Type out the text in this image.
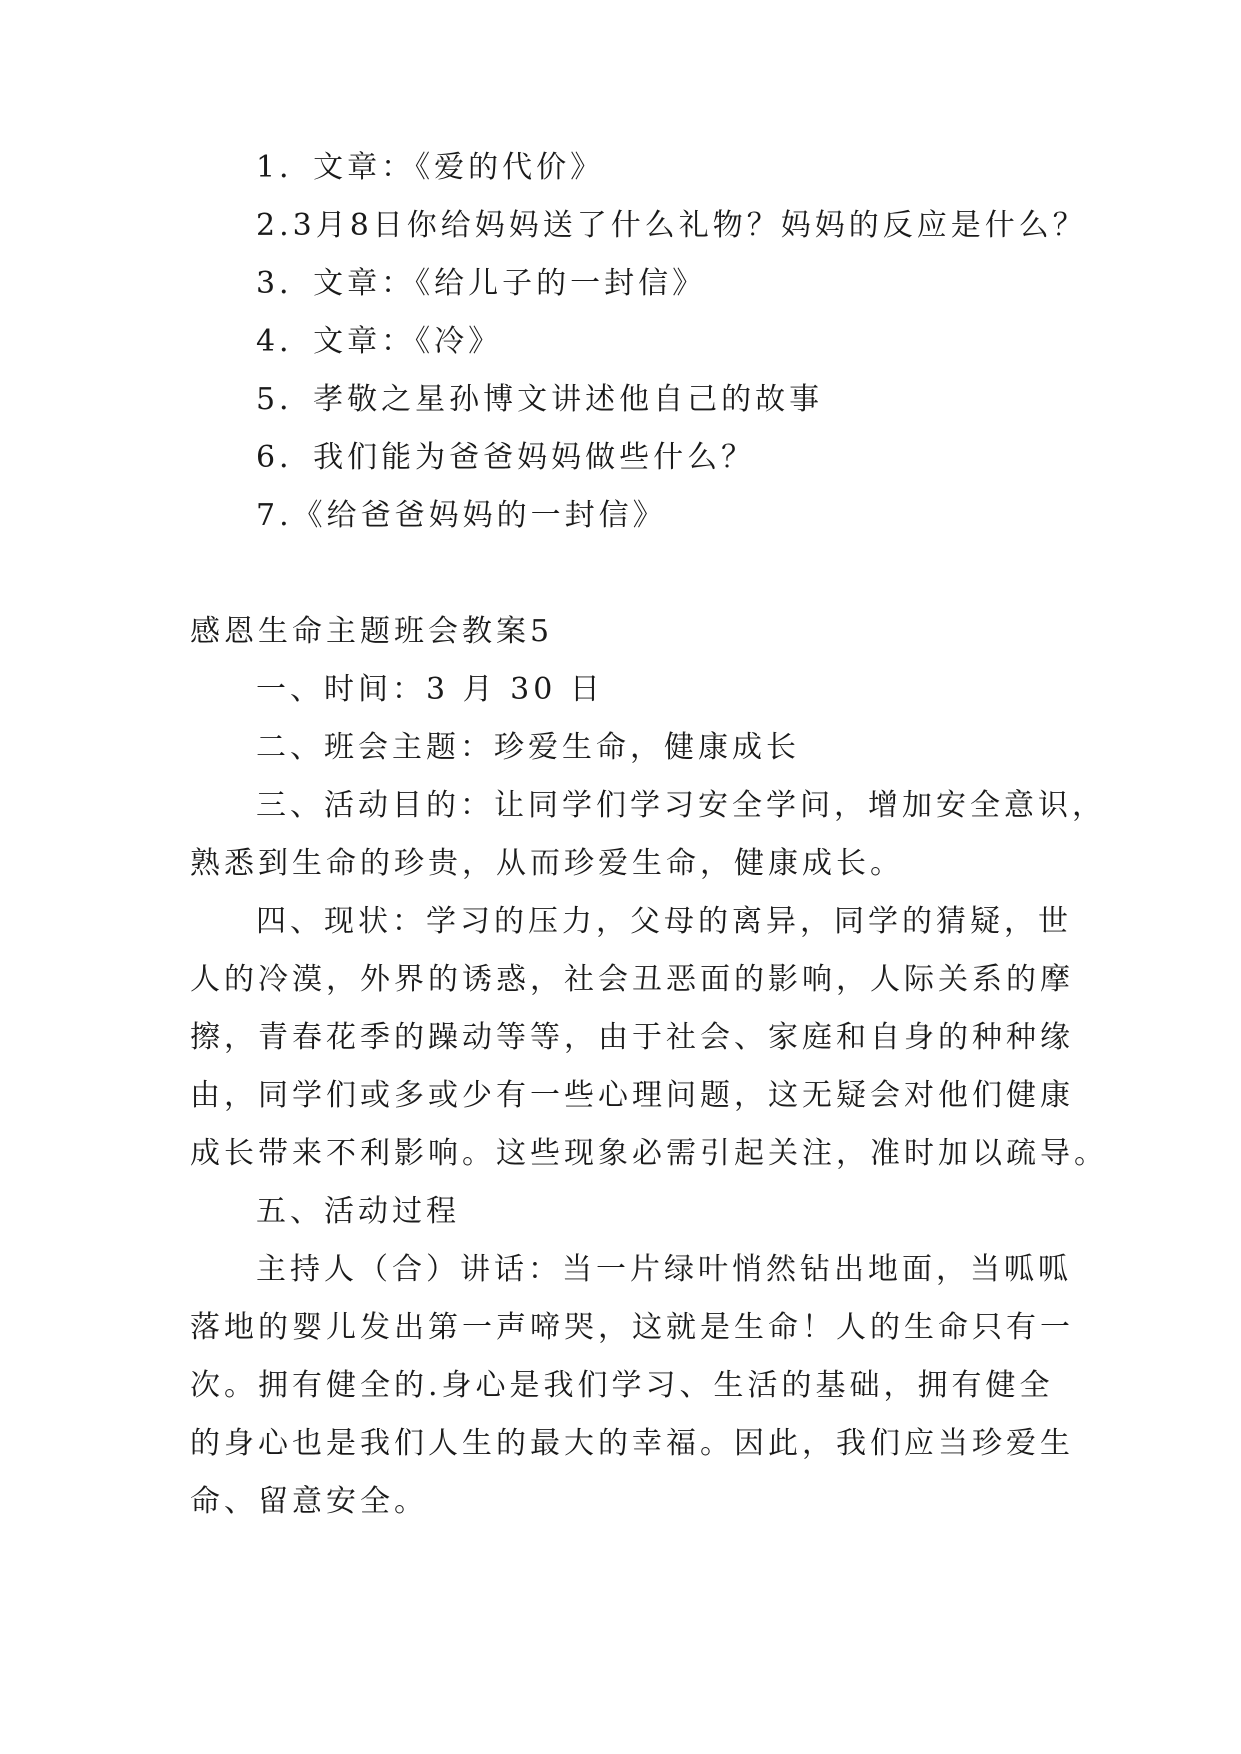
1．文章：《爱的代价》
2.3月8日你给妈妈送了什么礼物？妈妈的反应是什么？
3．文章：《给儿子的一封信》
4．文章：《冷》
5．孝敬之星孙博文讲述他自己的故事
6．我们能为爸爸妈妈做些什么？
7.《给爸爸妈妈的一封信》
感恩生命主题班会教案5
一、时间：3 月 30 日
二、班会主题：珍爱生命，健康成长
三、活动目的：让同学们学习安全学问，增加安全意识，
熟悉到生命的珍贵，从而珍爱生命，健康成长。
四、现状：学习的压力，父母的离异，同学的猜疑，世
人的冷漠，外界的诱惑，社会丑恶面的影响，人际关系的摩
擦，青春花季的躁动等等，由于社会、家庭和自身的种种缘
由，同学们或多或少有一些心理问题，这无疑会对他们健康
成长带来不利影响。这些现象必需引起关注，准时加以疏导。
五、活动过程
主持人（合）讲话：当一片绿叶悄然钻出地面，当呱呱
落地的婴儿发出第一声啼哭，这就是生命！人的生命只有一
次。拥有健全的.身心是我们学习、生活的基础，拥有健全
的身心也是我们人生的最大的幸福。因此，我们应当珍爱生
命、留意安全。
